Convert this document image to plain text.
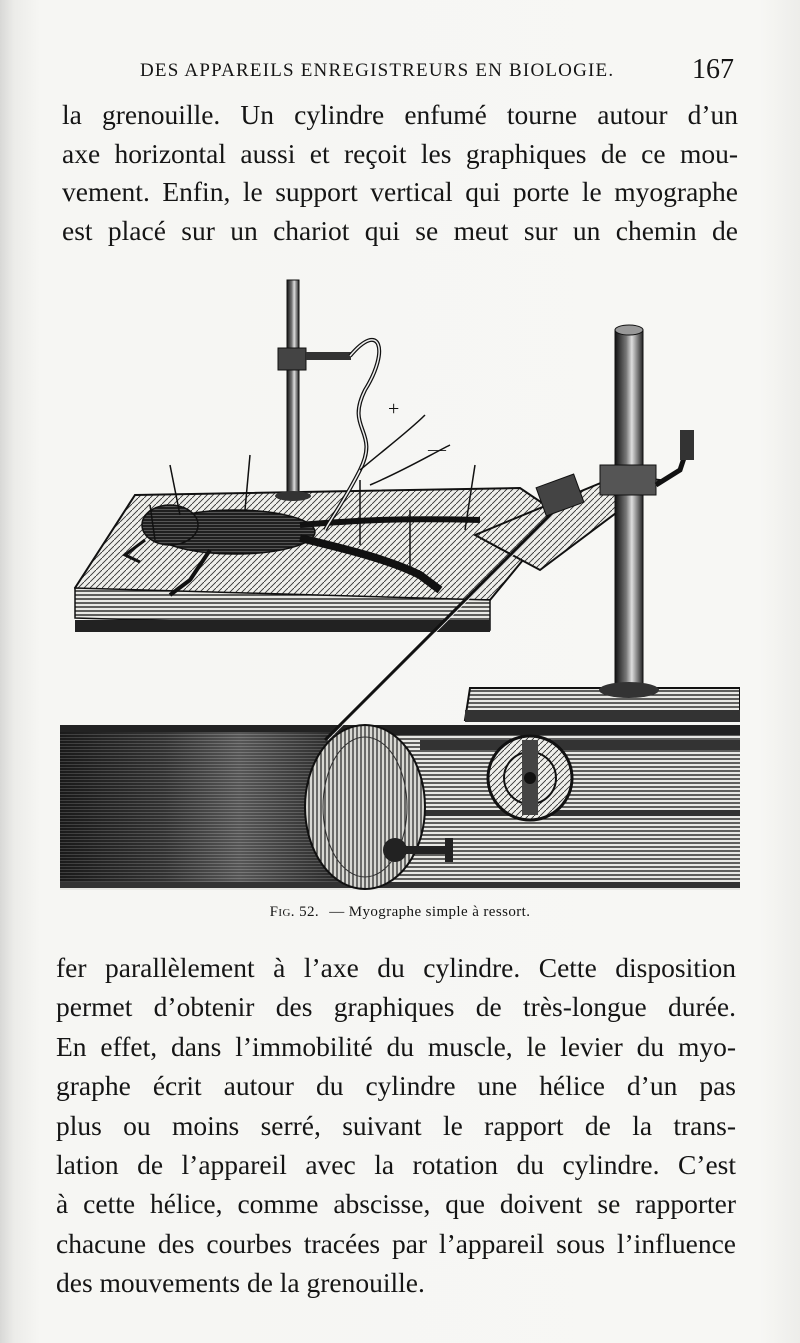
DES APPAREILS ENREGISTREURS EN BIOLOGIE.	167
la grenouille. Un cylindre enfumé tourne autour d’un
axe horizontal aussi et reçoit les graphiques de ce mou-
vement. Enfin, le support vertical qui porte le myographe
est placé sur un chariot qui se meut sur un chemin de
+
—
Fig. 52. — Myographe simple à ressort.
fer parallèlement à l’axe du cylindre. Cette disposition
permet d’obtenir des graphiques de très-longue durée.
En effet, dans l’immobilité du muscle, le levier du myo-
graphe écrit autour du cylindre une hélice d’un pas
plus ou moins serré, suivant le rapport de la trans-
lation de l’appareil avec la rotation du cylindre. C’est
à cette hélice, comme abscisse, que doivent se rapporter
chacune des courbes tracées par l’appareil sous l’influence
des mouvements de la grenouille.
